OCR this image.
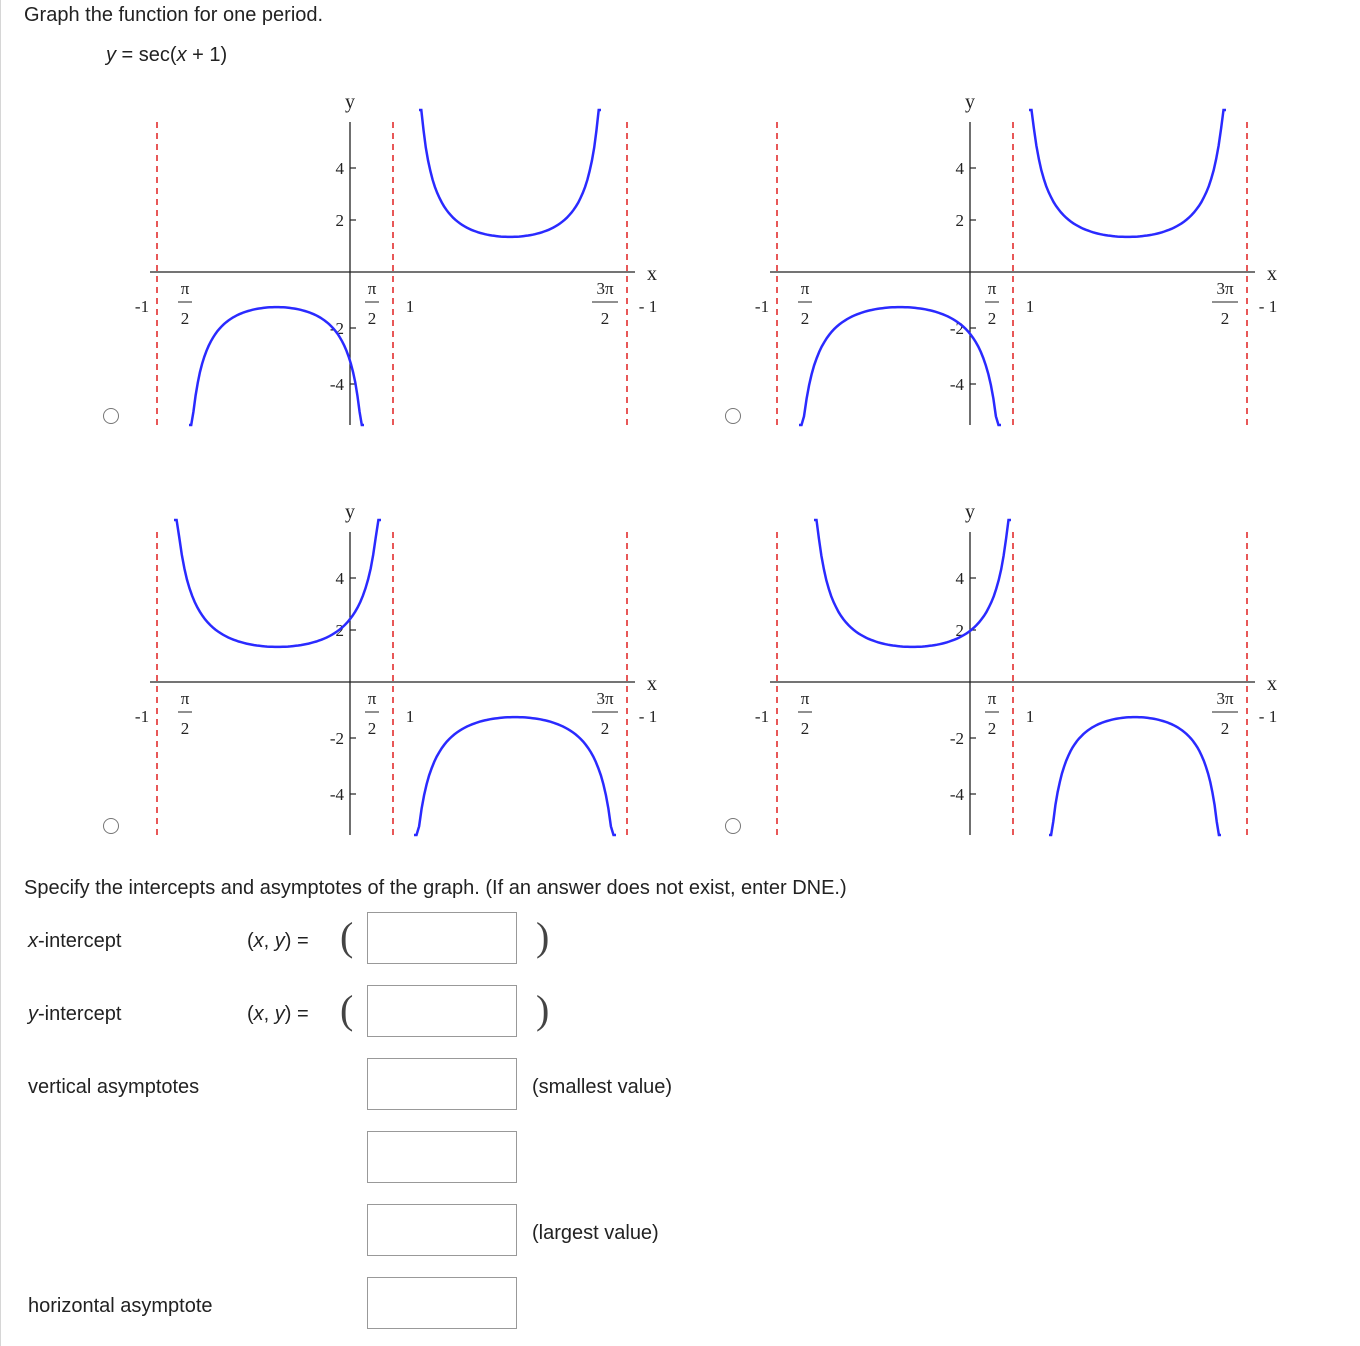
Graph the function for one period.
y = sec(x + 1)
x
y
4
2
-2
-4
-1
π
2
π
2
1
3π
2
- 1
x
y
4
2
-2
-4
-1
π
2
π
2
1
3π
2
- 1
x
y
4
2
-2
-4
-1
π
2
π
2
1
3π
2
- 1
x
y
4
2
-2
-4
-1
π
2
π
2
1
3π
2
- 1
Specify the intercepts and asymptotes of the graph. (If an answer does not exist, enter DNE.)
x-intercept	(x, y) = (	)
y-intercept	(x, y) = (	)
vertical asymptotes	(smallest value)
(largest value)
horizontal asymptote
